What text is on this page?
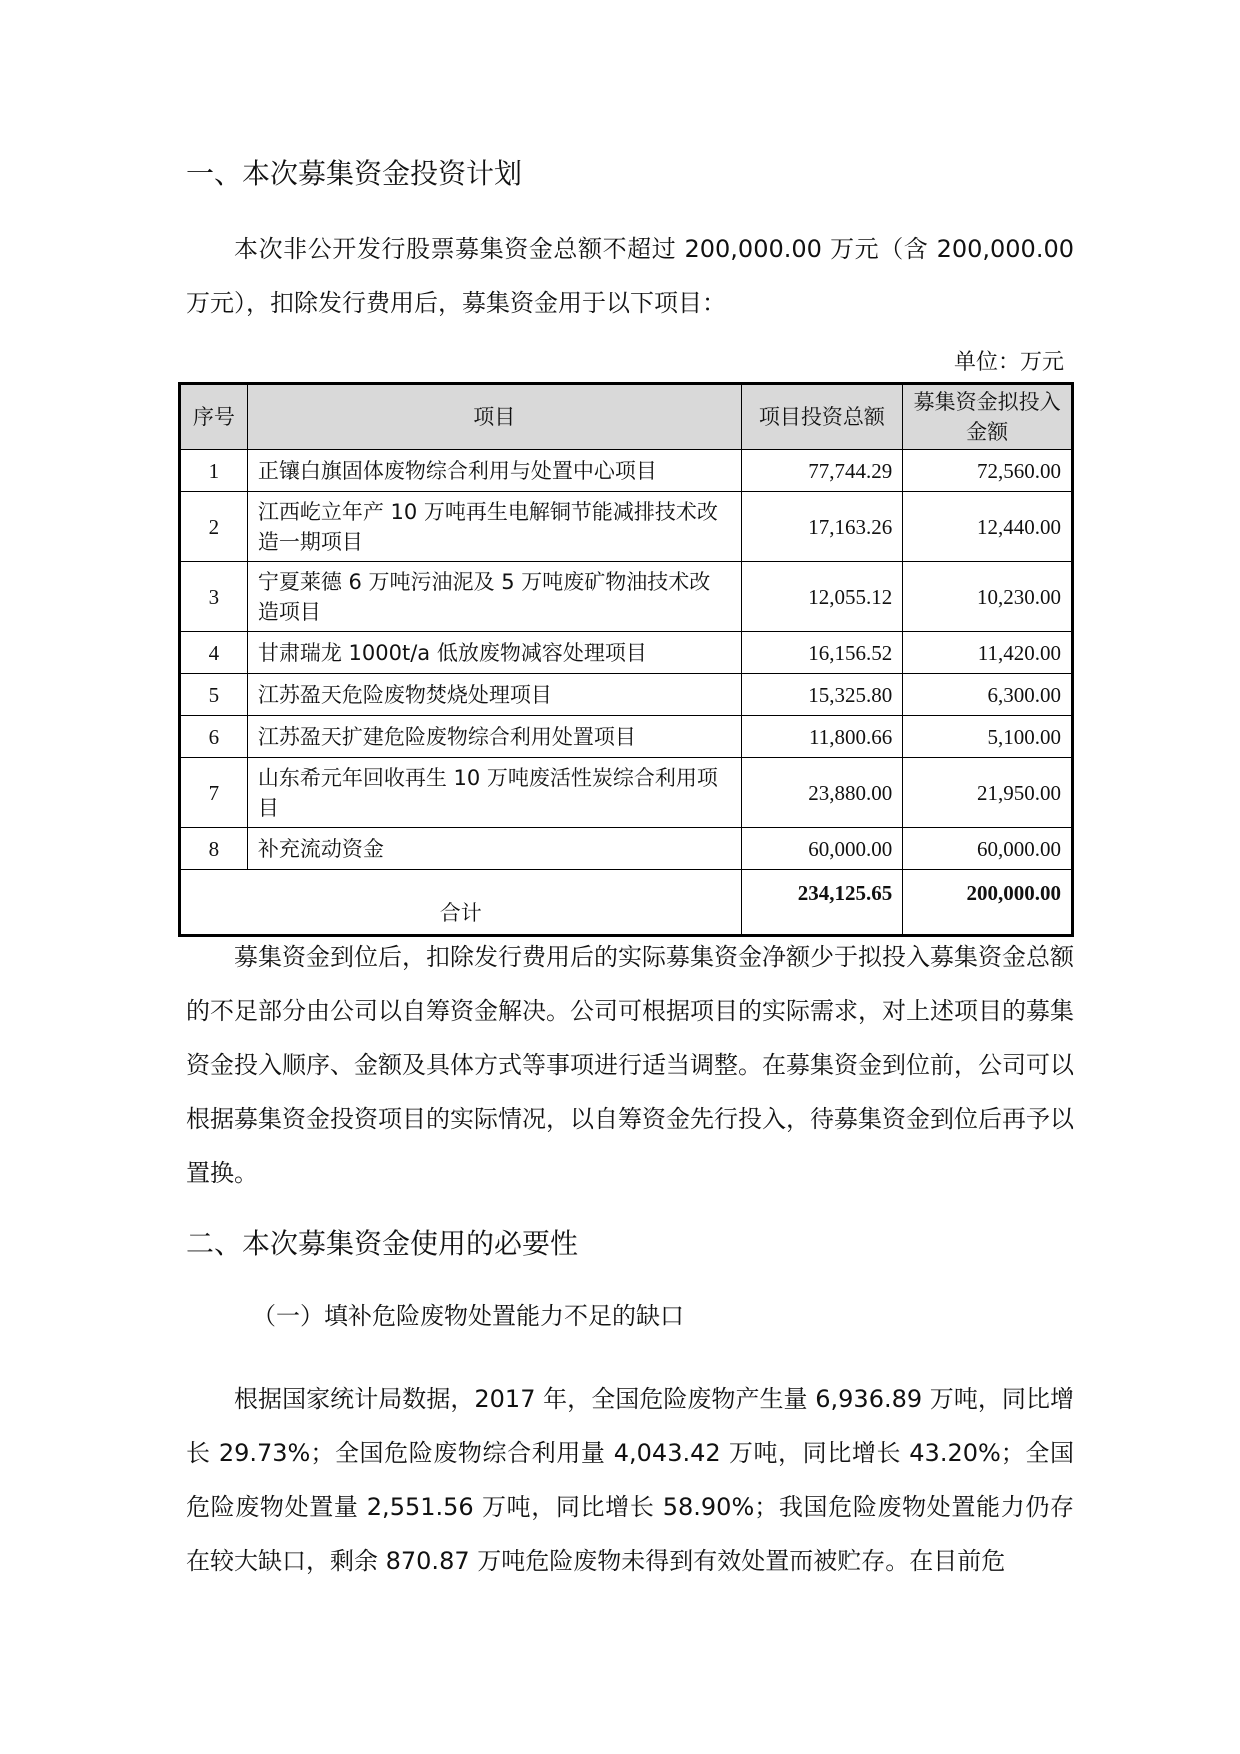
一、本次募集资金投资计划

本次非公开发行股票募集资金总额不超过 200,000.00 万元（含 200,000.00 万元），扣除发行费用后，募集资金用于以下项目：

单位：万元
序号	项目	项目投资总额	募集资金拟投入金额
1	正镶白旗固体废物综合利用与处置中心项目	77,744.29	72,560.00
2	江西屹立年产 10 万吨再生电解铜节能减排技术改造一期项目	17,163.26	12,440.00
3	宁夏莱德 6 万吨污油泥及 5 万吨废矿物油技术改造项目	12,055.12	10,230.00
4	甘肃瑞龙 1000t/a 低放废物减容处理项目	16,156.52	11,420.00
5	江苏盈天危险废物焚烧处理项目	15,325.80	6,300.00
6	江苏盈天扩建危险废物综合利用处置项目	11,800.66	5,100.00
7	山东希元年回收再生 10 万吨废活性炭综合利用项目	23,880.00	21,950.00
8	补充流动资金	60,000.00	60,000.00
合计		234,125.65	200,000.00

募集资金到位后，扣除发行费用后的实际募集资金净额少于拟投入募集资金总额的不足部分由公司以自筹资金解决。公司可根据项目的实际需求，对上述项目的募集资金投入顺序、金额及具体方式等事项进行适当调整。在募集资金到位前，公司可以根据募集资金投资项目的实际情况，以自筹资金先行投入，待募集资金到位后再予以置换。

二、本次募集资金使用的必要性
（一）填补危险废物处置能力不足的缺口

根据国家统计局数据，2017 年，全国危险废物产生量 6,936.89 万吨，同比增长 29.73%；全国危险废物综合利用量 4,043.42 万吨，同比增长 43.20%；全国危险废物处置量 2,551.56 万吨，同比增长 58.90%；我国危险废物处置能力仍存在较大缺口，剩余 870.87 万吨危险废物未得到有效处置而被贮存。在目前危
